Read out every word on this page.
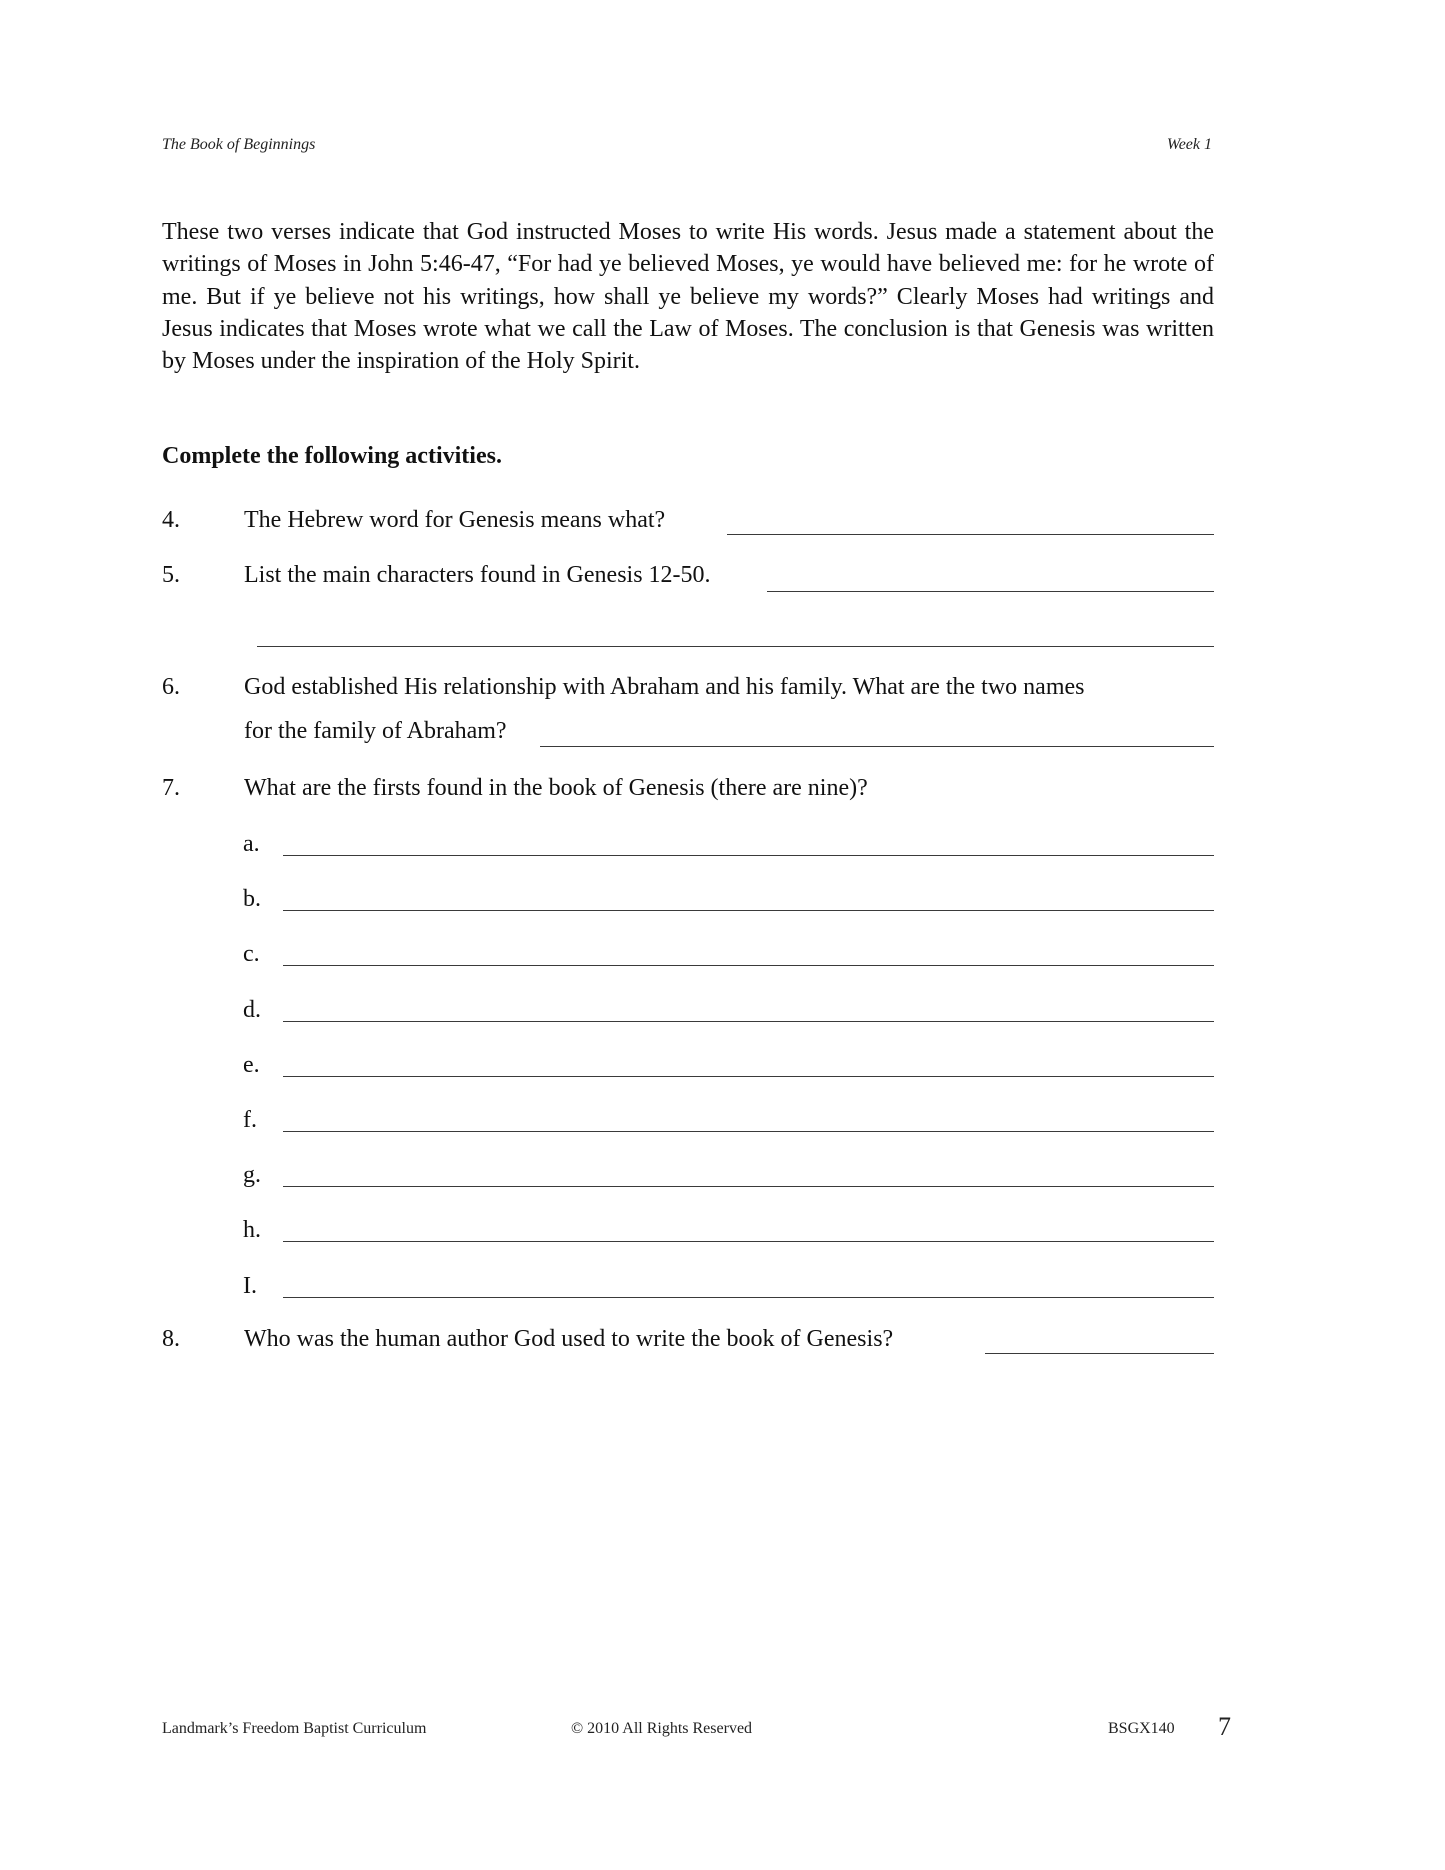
The Book of Beginnings	Week 1
These two verses indicate that God instructed Moses to write His words. Jesus made a statement about the writings of Moses in John 5:46-47, “For had ye believed Moses, ye would have believed me: for he wrote of me. But if ye believe not his writings, how shall ye believe my words?” Clearly Moses had writings and Jesus indicates that Moses wrote what we call the Law of Moses. The conclusion is that Genesis was written by Moses under the inspiration of the Holy Spirit.
Complete the following activities.
4.	The Hebrew word for Genesis means what?
5.	List the main characters found in Genesis 12-50.
6.	God established His relationship with Abraham and his family. What are the two names
for the family of Abraham?
7.	What are the firsts found in the book of Genesis (there are nine)?
a.
b.
c.
d.
e.
f.
g.
h.
I.
8.	Who was the human author God used to write the book of Genesis?
Landmark’s Freedom Baptist Curriculum	© 2010 All Rights Reserved	BSGX140 7
